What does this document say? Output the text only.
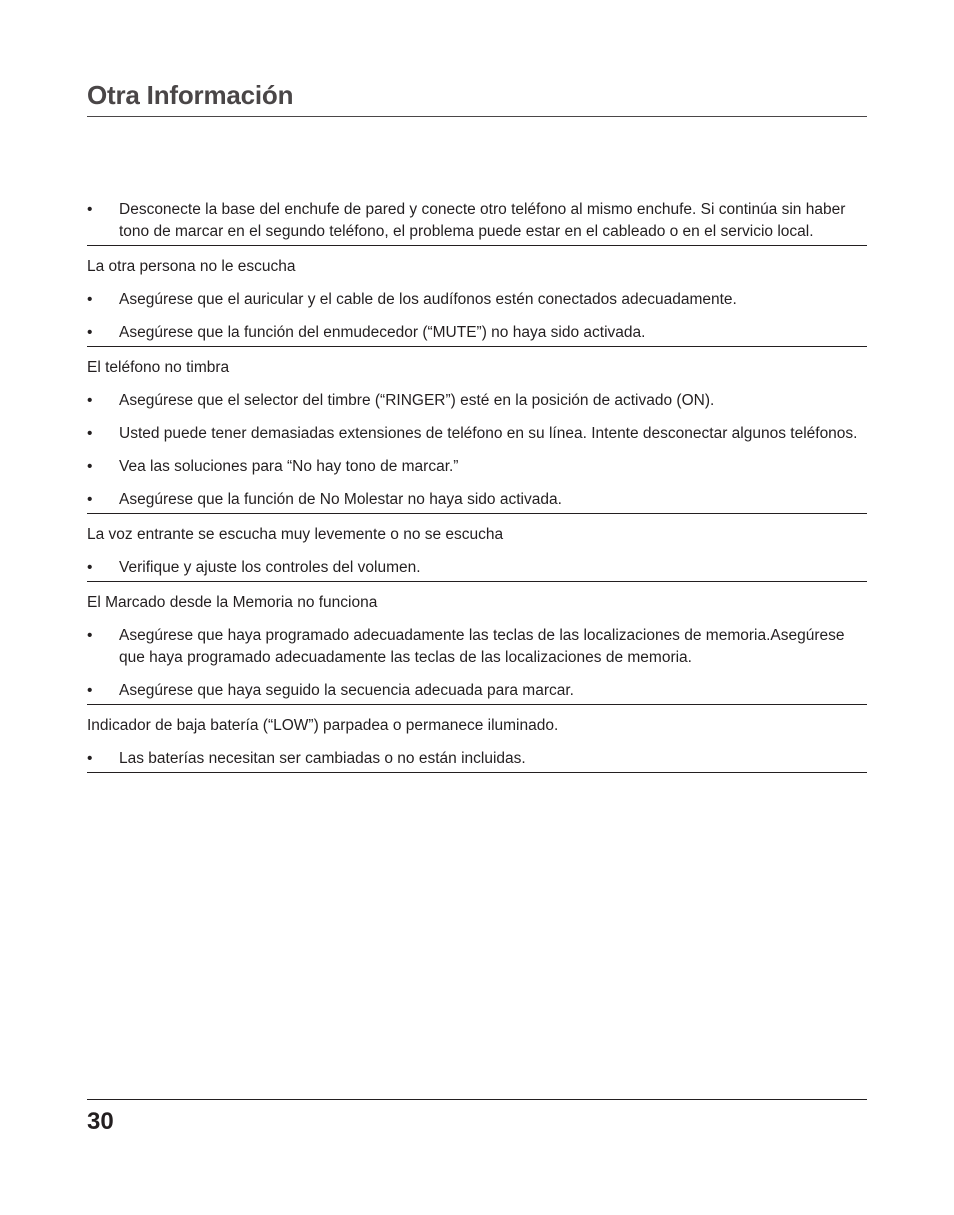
Otra Información
• Desconecte la base del enchufe de pared y conecte otro teléfono al mismo enchufe. Si continúa sin haber tono de marcar en el segundo teléfono, el problema puede estar en el cableado o en el servicio local.

La otra persona no le escucha

• Asegúrese que el auricular y el cable de los audífonos estén conectados adecuadamente.
• Asegúrese que la función del enmudecedor (“MUTE”) no haya sido activada.

El teléfono no timbra

• Asegúrese que el selector del timbre (“RINGER”) esté en la posición de activado (ON).
• Usted puede tener demasiadas extensiones de teléfono en su línea. Intente desconectar algunos teléfonos.
• Vea las soluciones para “No hay tono de marcar.”
• Asegúrese que la función de No Molestar no haya sido activada.

La voz entrante se escucha muy levemente o no se escucha

• Verifique y ajuste los controles del volumen.

El Marcado desde la Memoria no funciona

• Asegúrese que haya programado adecuadamente las teclas de las localizaciones de memoria.Asegúrese que haya programado adecuadamente las teclas de las localizaciones de memoria.
• Asegúrese que haya seguido la secuencia adecuada para marcar.

Indicador de baja batería (“LOW”) parpadea o permanece iluminado.

• Las baterías necesitan ser cambiadas o no están incluidas.

30
